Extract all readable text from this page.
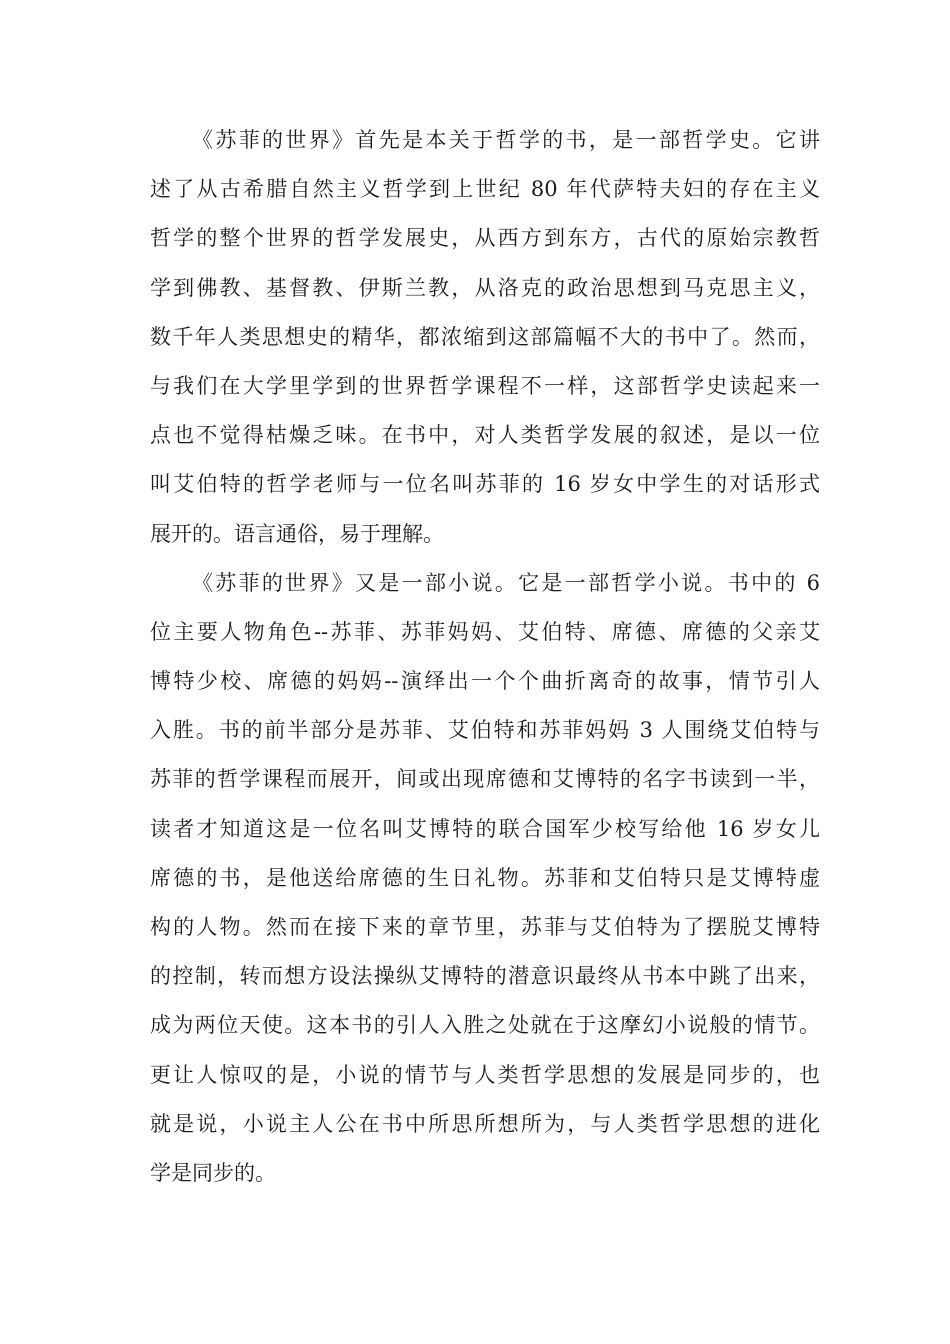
《苏菲的世界》首先是本关于哲学的书，是一部哲学史。它讲
述了从古希腊自然主义哲学到上世纪 80 年代萨特夫妇的存在主义
哲学的整个世界的哲学发展史，从西方到东方，古代的原始宗教哲
学到佛教、基督教、伊斯兰教，从洛克的政治思想到马克思主义，
数千年人类思想史的精华，都浓缩到这部篇幅不大的书中了。然而，
与我们在大学里学到的世界哲学课程不一样，这部哲学史读起来一
点也不觉得枯燥乏味。在书中，对人类哲学发展的叙述，是以一位
叫艾伯特的哲学老师与一位名叫苏菲的 16 岁女中学生的对话形式
展开的。语言通俗，易于理解。
《苏菲的世界》又是一部小说。它是一部哲学小说。书中的 6
位主要人物角色--苏菲、苏菲妈妈、艾伯特、席德、席德的父亲艾
博特少校、席德的妈妈--演绎出一个个曲折离奇的故事，情节引人
入胜。书的前半部分是苏菲、艾伯特和苏菲妈妈 3 人围绕艾伯特与
苏菲的哲学课程而展开，间或出现席德和艾博特的名字书读到一半，
读者才知道这是一位名叫艾博特的联合国军少校写给他 16 岁女儿
席德的书，是他送给席德的生日礼物。苏菲和艾伯特只是艾博特虚
构的人物。然而在接下来的章节里，苏菲与艾伯特为了摆脱艾博特
的控制，转而想方设法操纵艾博特的潜意识最终从书本中跳了出来，
成为两位天使。这本书的引人入胜之处就在于这摩幻小说般的情节。
更让人惊叹的是，小说的情节与人类哲学思想的发展是同步的，也
就是说，小说主人公在书中所思所想所为，与人类哲学思想的进化
学是同步的。
